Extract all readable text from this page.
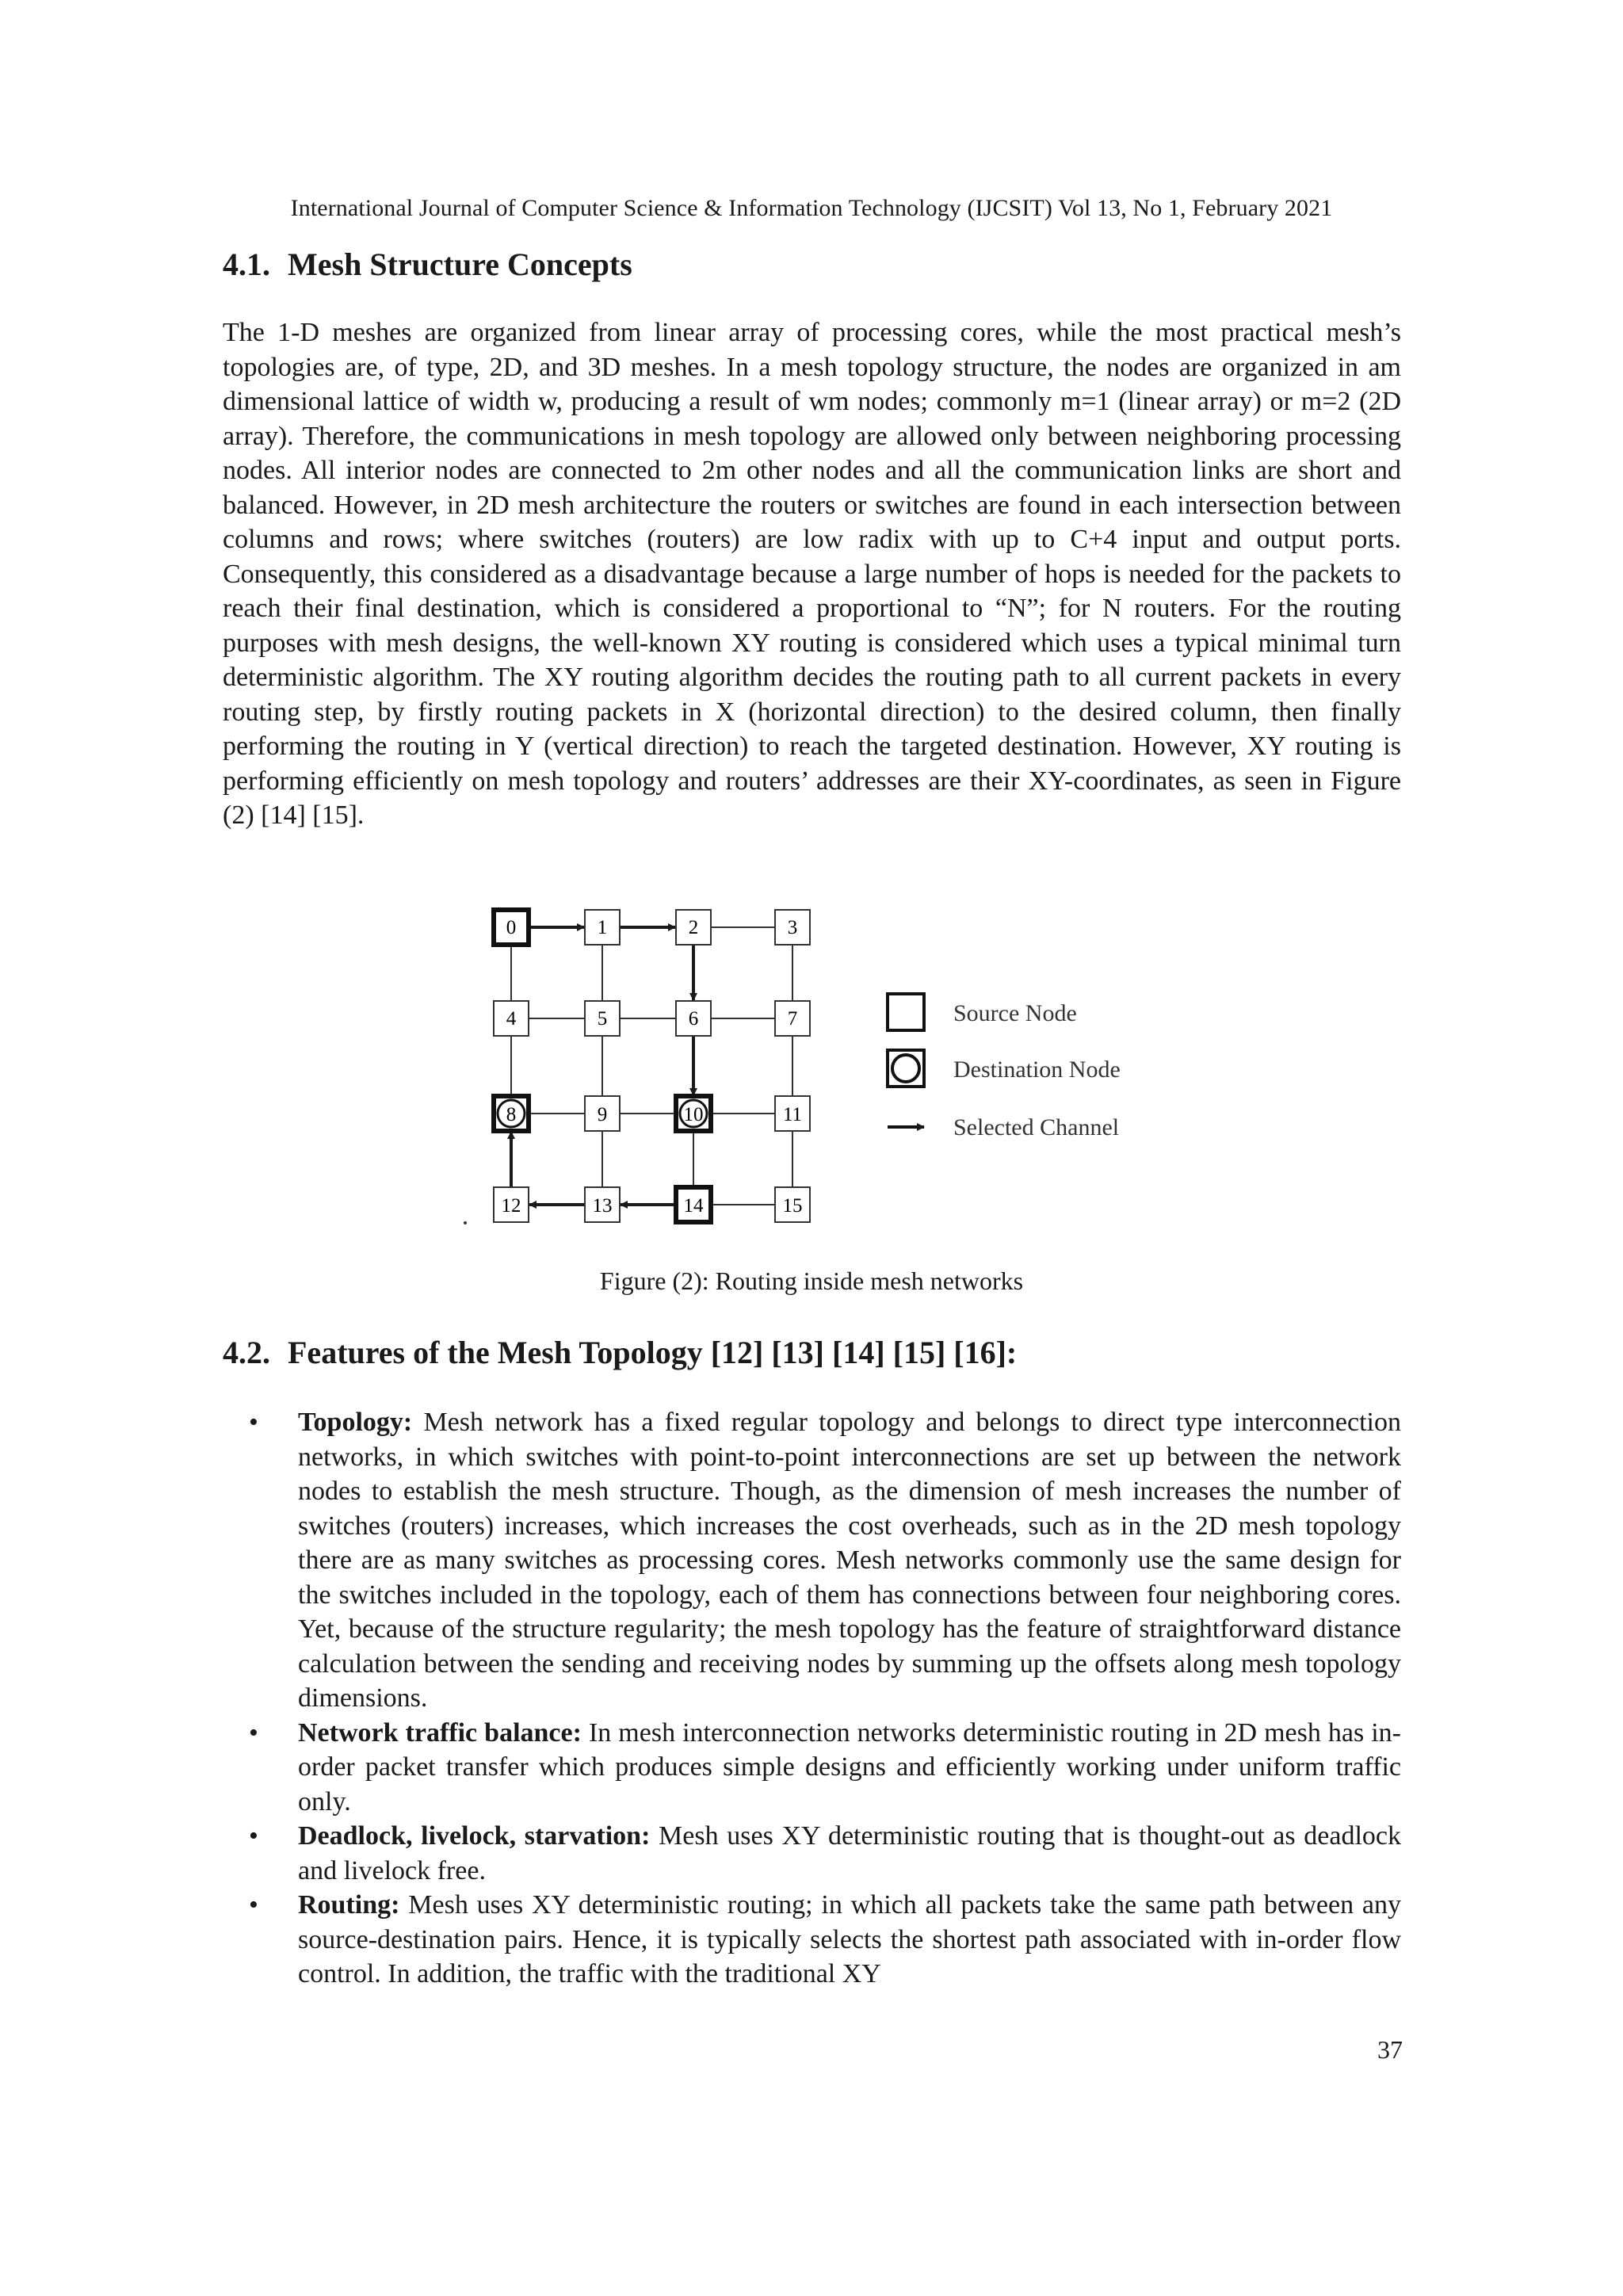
International Journal of Computer Science & Information Technology (IJCSIT) Vol 13, No 1, February 2021
4.1. Mesh Structure Concepts

The 1-D meshes are organized from linear array of processing cores, while the most practical mesh’s topologies are, of type, 2D, and 3D meshes. In a mesh topology structure, the nodes are organized in am dimensional lattice of width w, producing a result of wm nodes; commonly m=1 (linear array) or m=2 (2D array). Therefore, the communications in mesh topology are allowed only between neighboring processing nodes. All interior nodes are connected to 2m other nodes and all the communication links are short and balanced. However, in 2D mesh architecture the routers or switches are found in each intersection between columns and rows; where switches (routers) are low radix with up to C+4 input and output ports. Consequently, this considered as a disadvantage because a large number of hops is needed for the packets to reach their final destination, which is considered a proportional to “N”; for N routers. For the routing purposes with mesh designs, the well-known XY routing is considered which uses a typical minimal turn deterministic algorithm. The XY routing algorithm decides the routing path to all current packets in every routing step, by firstly routing packets in X (horizontal direction) to the desired column, then finally performing the routing in Y (vertical direction) to reach the targeted destination. However, XY routing is performing efficiently on mesh topology and routers’ addresses are their XY-coordinates, as seen in Figure (2) [14] [15].

0	1	2	3
4	5	6	7
8	9	10	11
12	13	14	15
Source Node
Destination Node
Selected Channel
Figure (2): Routing inside mesh networks
4.2. Features of the Mesh Topology [12] [13] [14] [15] [16]:
• Topology: Mesh network has a fixed regular topology and belongs to direct type interconnection networks, in which switches with point-to-point interconnections are set up between the network nodes to establish the mesh structure. Though, as the dimension of mesh increases the number of switches (routers) increases, which increases the cost overheads, such as in the 2D mesh topology there are as many switches as processing cores. Mesh networks commonly use the same design for the switches included in the topology, each of them has connections between four neighboring cores. Yet, because of the structure regularity; the mesh topology has the feature of straightforward distance calculation between the sending and receiving nodes by summing up the offsets along mesh topology dimensions.
• Network traffic balance: In mesh interconnection networks deterministic routing in 2D mesh has in-order packet transfer which produces simple designs and efficiently working under uniform traffic only.
• Deadlock, livelock, starvation: Mesh uses XY deterministic routing that is thought-out as deadlock and livelock free.
• Routing: Mesh uses XY deterministic routing; in which all packets take the same path between any source-destination pairs. Hence, it is typically selects the shortest path associated with in-order flow control. In addition, the traffic with the traditional XY
37
